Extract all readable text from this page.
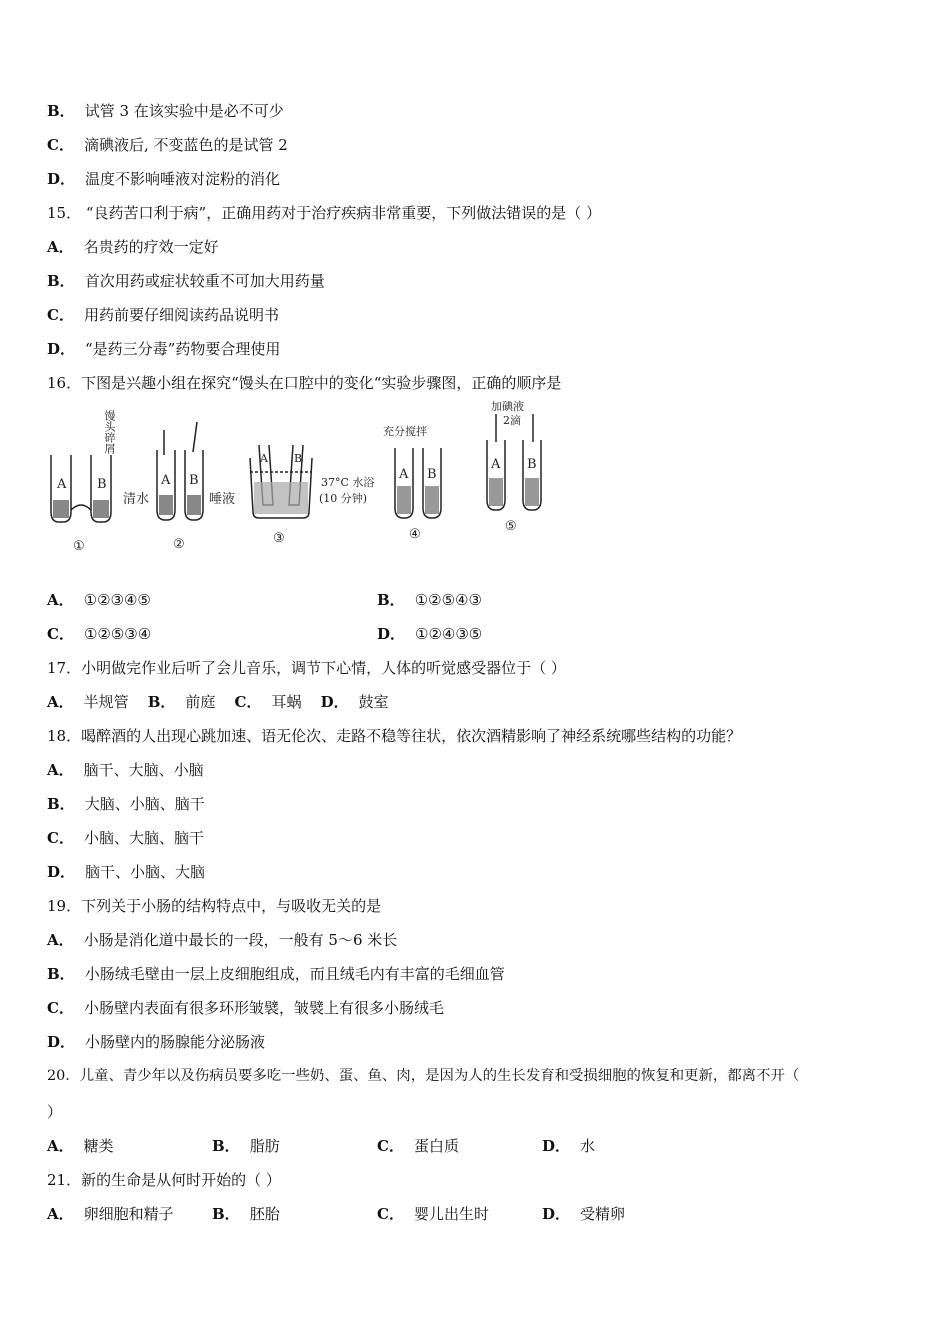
B． 试管 3 在该实验中是必不可少
C． 滴碘液后, 不变蓝色的是试管 2
D． 温度不影响唾液对淀粉的消化
15． “良药苦口利于病”，正确用药对于治疗疾病非常重要，下列做法错误的是（ ）
A． 名贵药的疗效一定好
B． 首次用药或症状较重不可加大用药量
C． 用药前要仔细阅读药品说明书
D． “是药三分毒”药物要合理使用
16．下图是兴趣小组在探究“馒头在口腔中的变化“实验步骤图，正确的顺序是
A B
馒头碎屑
①
A B
清水	唾液
②
A B
37°C 水浴
(10 分钟)
③
A B
充分搅拌
④
A B
加碘液
2滴
⑤
A． ①②③④⑤	B． ①②⑤④③
C． ①②⑤③④	D． ①②④③⑤
17．小明做完作业后听了会儿音乐，调节下心情，人体的听觉感受器位于（ ）
A． 半规管 B． 前庭 C． 耳蜗 D． 鼓室
18．喝醉酒的人出现心跳加速、语无伦次、走路不稳等往状，依次酒精影响了神经系统哪些结构的功能？
A． 脑干、大脑、小脑
B． 大脑、小脑、脑干
C． 小脑、大脑、脑干
D． 脑干、小脑、大脑
19．下列关于小肠的结构特点中，与吸收无关的是
A． 小肠是消化道中最长的一段，一般有 5～6 米长
B． 小肠绒毛壁由一层上皮细胞组成，而且绒毛内有丰富的毛细血管
C． 小肠壁内表面有很多环形皱襞，皱襞上有很多小肠绒毛
D． 小肠壁内的肠腺能分泌肠液
20．儿童、青少年以及伤病员要多吃一些奶、蛋、鱼、肉，是因为人的生长发育和受损细胞的恢复和更新，都离不开（
）
A． 糖类	B． 脂肪	C． 蛋白质	D． 水
21．新的生命是从何时开始的（ ）
A． 卵细胞和精子	B． 胚胎	C． 婴儿出生时	D． 受精卵
